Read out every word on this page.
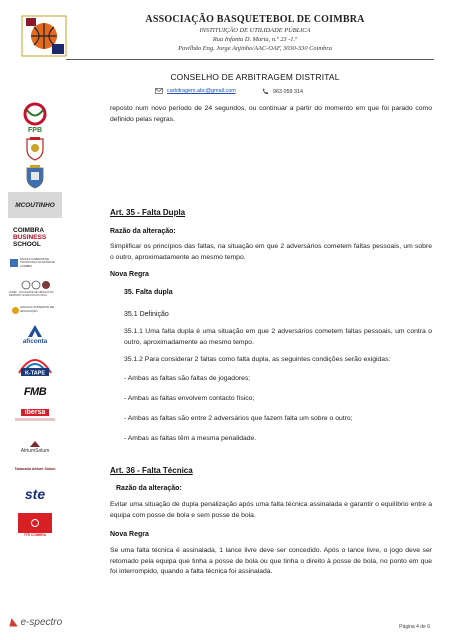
ASSOCIAÇÃO BASQUETEBOL DE COIMBRA
INSTITUIÇÃO DE UTILIDADE PÚBLICA
Rua Infanta D. Maria, n.º 23 -1.º
Pavilhão Eng. Jorge Anjinho/AAC-OAF, 3030-330 Coimbra
CONSELHO DE ARBITRAGEM DISTRITAL
carbitragem.abc@gmail.com	963 059 314
FPB
MCOUTINHO
COIMBRA
BUSINESS
SCHOOL
ESCOLA SUPERIOR DE TECNOLOGIA DA SAÚDE DE COIMBRA
FCDEF · FACULDADE DE CIÊNCIAS DO DESPORTO E EDUCAÇÃO FÍSICA
ESCOLA SUPERIOR DE EDUCAÇÃO
aficonta
K-TAPE
FMB
ibersa
AtriumSolum
Tabacaria Atrium Solum
ste
TTR COIMBRA

reposto num novo período de 24 segundos, ou continuar a partir do momento em que foi parado como definido pelas regras.

Art. 35 - Falta Dupla
Razão da alteração:

Simplificar os princípios das faltas, na situação em que 2 adversários cometem faltas pessoais, um sobre o outro, aproximadamente ao mesmo tempo.

Nova Regra
35. Falta dupla
35.1 Definição

35.1.1 Uma falta dupla é uma situação em que 2 adversários cometem faltas pessoais, um contra o outro, aproximadamente ao mesmo tempo.

35.1.2 Para considerar 2 faltas como falta dupla, as seguintes condições serão exigidas:

- Ambas as faltas são faltas de jogadores;

- Ambas as faltas envolvem contacto físico;

- Ambas as faltas são entre 2 adversários que fazem falta um sobre o outro;

- Ambas as faltas têm a mesma penalidade.

Art. 36 - Falta Técnica
Razão da alteração:

Evitar uma situação de dupla penalização após uma falta técnica assinalada e garantir o equilíbrio entre a equipa com posse de bola e sem posse de bola.

Nova Regra

Se uma falta técnica é assinalada, 1 lance livre deve ser concedido. Após o lance livre, o jogo deve ser retomado pela equipa que tinha a posse de bola ou que tinha o direito à posse de bola, no ponto em que foi interrompido, quando a falta técnica foi assinalada.

◣ e-spectro	Página 4 de 6
